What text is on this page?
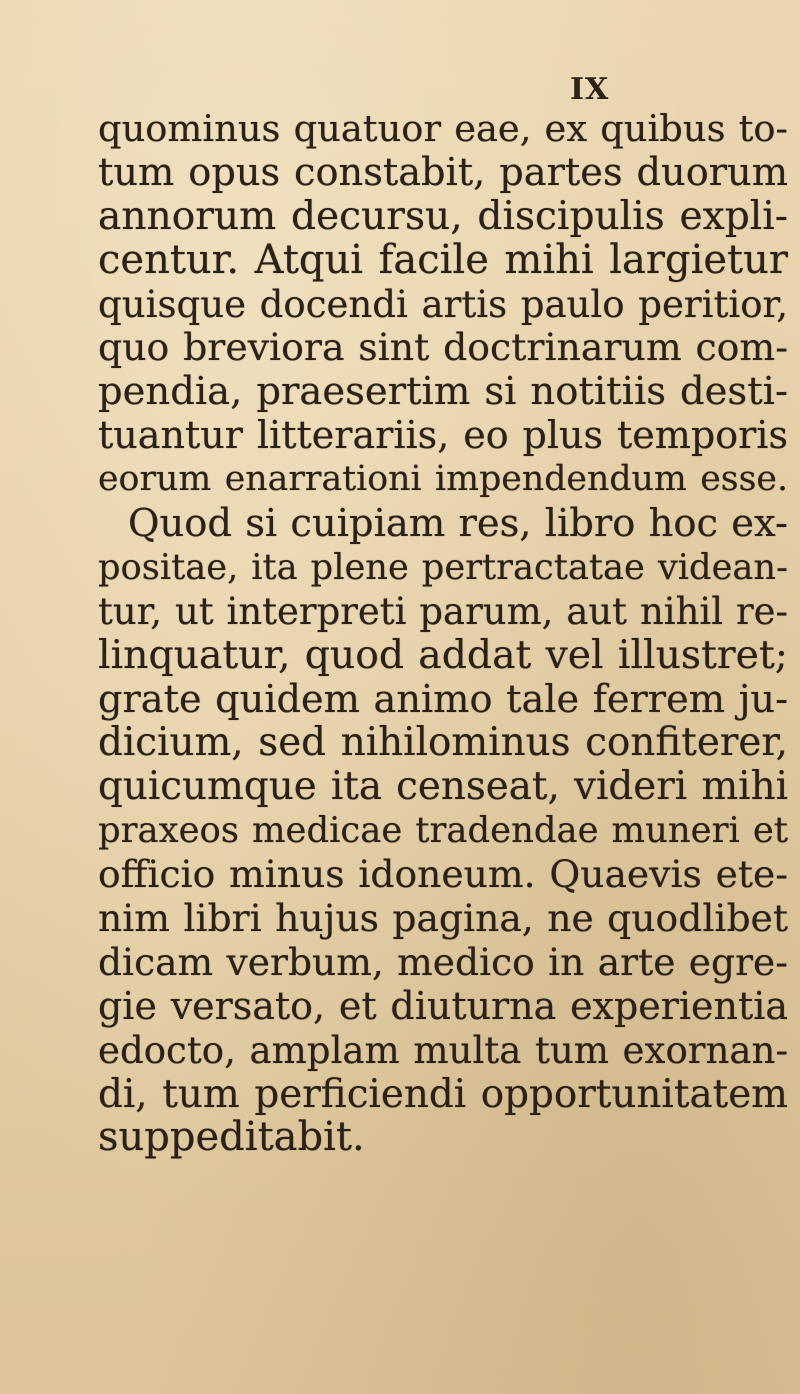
IX
quominus quatuor eae, ex quibus to-
tum opus constabit, partes duorum
annorum decursu, discipulis expli-
centur. Atqui facile mihi largietur
quisque docendi artis paulo peritior,
quo breviora sint doctrinarum com-
pendia, praesertim si notitiis desti-
tuantur litterariis, eo plus temporis
eorum enarrationi impendendum esse.
Quod si cuipiam res, libro hoc ex-
positae, ita plene pertractatae videan-
tur, ut interpreti parum, aut nihil re-
linquatur, quod addat vel illustret;
grate quidem animo tale ferrem ju-
dicium, sed nihilominus confiterer,
quicumque ita censeat, videri mihi
praxeos medicae tradendae muneri et
officio minus idoneum. Quaevis ete-
nim libri hujus pagina, ne quodlibet
dicam verbum, medico in arte egre-
gie versato, et diuturna experientia
edocto, amplam multa tum exornan-
di, tum perficiendi opportunitatem
suppeditabit.
